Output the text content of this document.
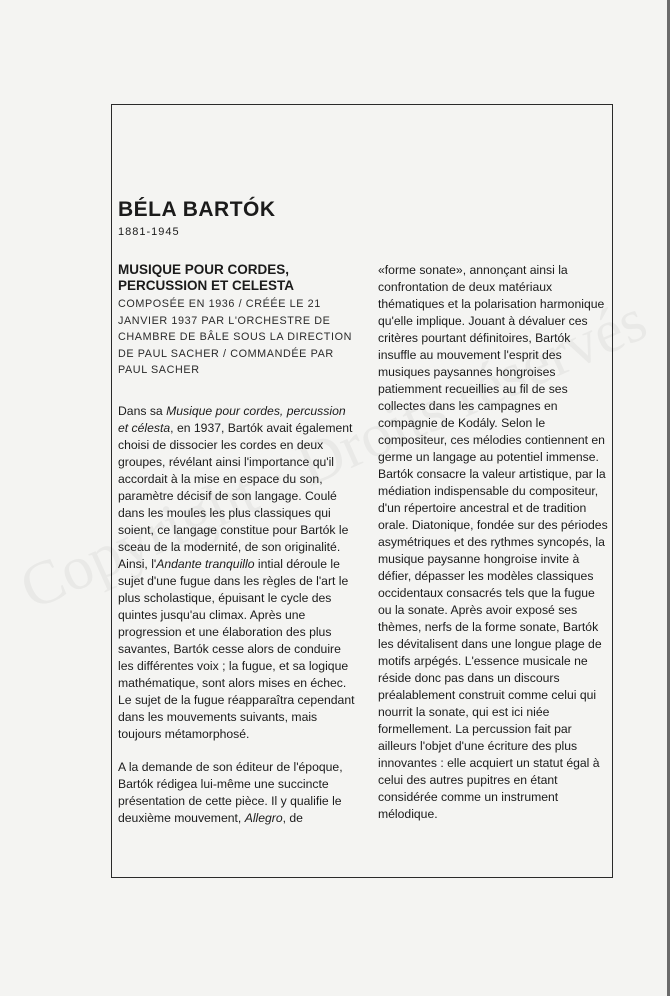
BÉLA BARTÓK
1881-1945

MUSIQUE POUR CORDES, PERCUSSION ET CELESTA

COMPOSÉE EN 1936 / CRÉÉE LE 21 JANVIER 1937 PAR L'ORCHESTRE DE CHAMBRE DE BÂLE SOUS LA DIRECTION DE PAUL SACHER / COMMANDÉE PAR PAUL SACHER

Dans sa Musique pour cordes, percussion et célesta, en 1937, Bartók avait également choisi de dissocier les cordes en deux groupes, révélant ainsi l'importance qu'il accordait à la mise en espace du son, paramètre décisif de son langage. Coulé dans les moules les plus classiques qui soient, ce langage constitue pour Bartók le sceau de la modernité, de son originalité. Ainsi, l'Andante tranquillo intial déroule le sujet d'une fugue dans les règles de l'art le plus scholastique, épuisant le cycle des quintes jusqu'au climax. Après une progression et une élaboration des plus savantes, Bartók cesse alors de conduire les différentes voix ; la fugue, et sa logique mathématique, sont alors mises en échec. Le sujet de la fugue réapparaîtra cependant dans les mouvements suivants, mais toujours métamorphosé.

A la demande de son éditeur de l'époque, Bartók rédigea lui-même une succincte présentation de cette pièce. Il y qualifie le deuxième mouvement, Allegro, de

«forme sonate», annonçant ainsi la confrontation de deux matériaux thématiques et la polarisation harmonique qu'elle implique. Jouant à dévaluer ces critères pourtant définitoires, Bartók insuffle au mouvement l'esprit des musiques paysannes hongroises patiemment recueillies au fil de ses collectes dans les campagnes en compagnie de Kodály. Selon le compositeur, ces mélodies contiennent en germe un langage au potentiel immense. Bartók consacre la valeur artistique, par la médiation indispensable du compositeur, d'un répertoire ancestral et de tradition orale. Diatonique, fondée sur des périodes asymétriques et des rythmes syncopés, la musique paysanne hongroise invite à défier, dépasser les modèles classiques occidentaux consacrés tels que la fugue ou la sonate. Après avoir exposé ses thèmes, nerfs de la forme sonate, Bartók les dévitalisent dans une longue plage de motifs arpégés. L'essence musicale ne réside donc pas dans un discours préalablement construit comme celui qui nourrit la sonate, qui est ici niée formellement. La percussion fait par ailleurs l'objet d'une écriture des plus innovantes : elle acquiert un statut égal à celui des autres pupitres en étant considérée comme un instrument mélodique.
